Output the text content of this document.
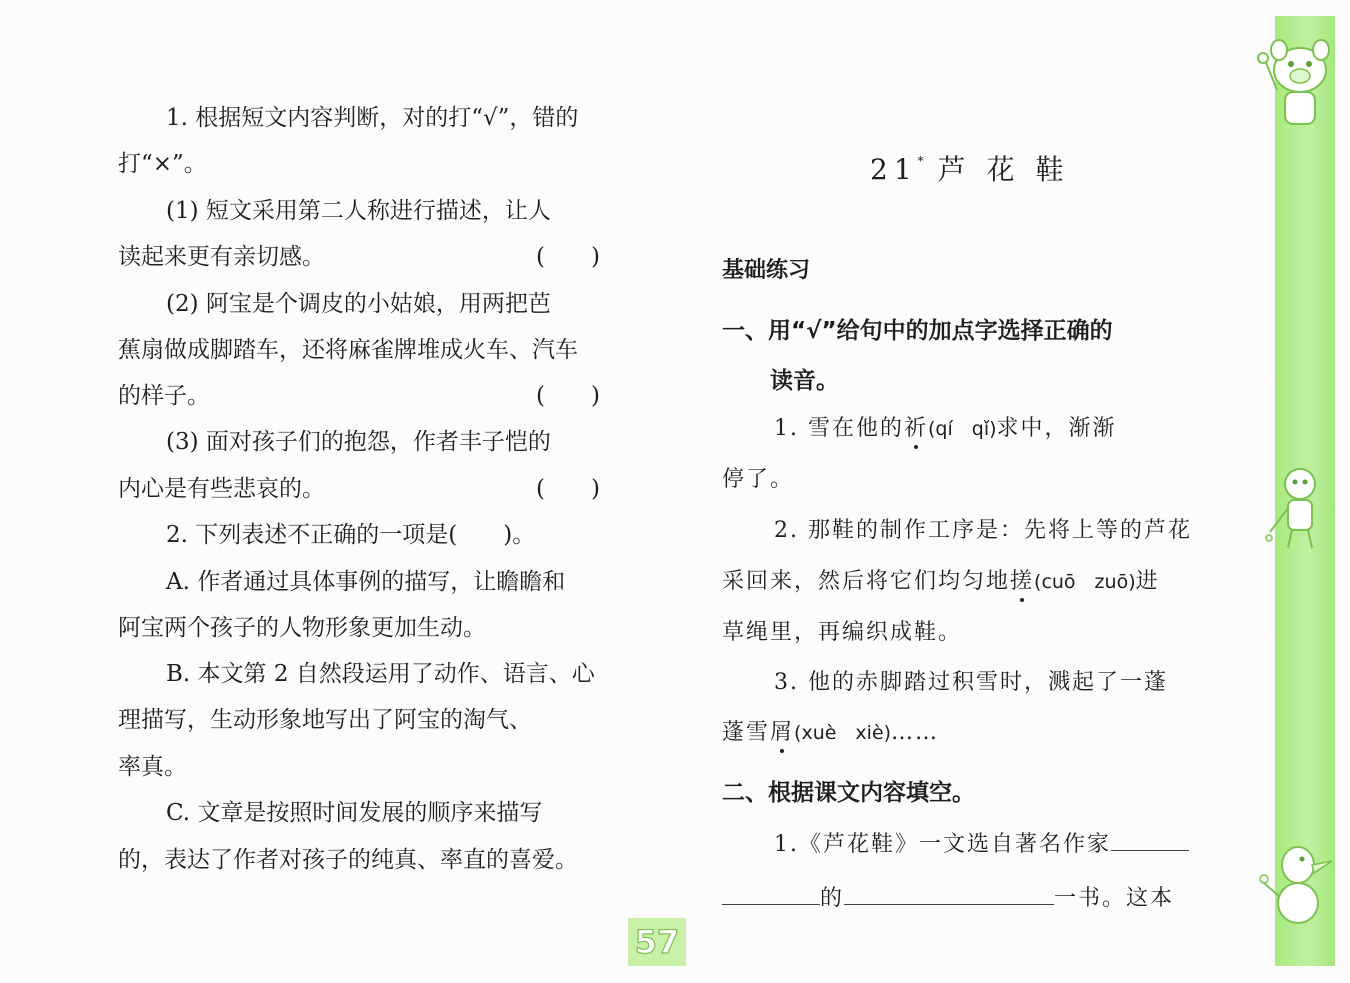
1. 根据短文内容判断，对的打“√”，错的
打“×”。
(1) 短文采用第二人称进行描述，让人
读起来更有亲切感。	(　　)
(2) 阿宝是个调皮的小姑娘，用两把芭
蕉扇做成脚踏车，还将麻雀牌堆成火车、汽车
的样子。	(　　)
(3) 面对孩子们的抱怨，作者丰子恺的
内心是有些悲哀的。	(　　)
2. 下列表述不正确的一项是(　　)。
A. 作者通过具体事例的描写，让瞻瞻和
阿宝两个孩子的人物形象更加生动。
B. 本文第 2 自然段运用了动作、语言、心
理描写，生动形象地写出了阿宝的淘气、
率真。
C. 文章是按照时间发展的顺序来描写
的，表达了作者对孩子的纯真、率直的喜爱。
21* 芦 花 鞋
基础练习
一、用“√”给句中的加点字选择正确的
读音。
1. 雪在他的祈(qí　qǐ)求中，渐渐
停了。
2. 那鞋的制作工序是：先将上等的芦花
采回来，然后将它们均匀地搓(cuō　zuō)进
草绳里，再编织成鞋。
3. 他的赤脚踏过积雪时，溅起了一蓬
蓬雪屑(xuè　xiè)……
二、根据课文内容填空。
1.《芦花鞋》一文选自著名作家
的	一书。这本
57
